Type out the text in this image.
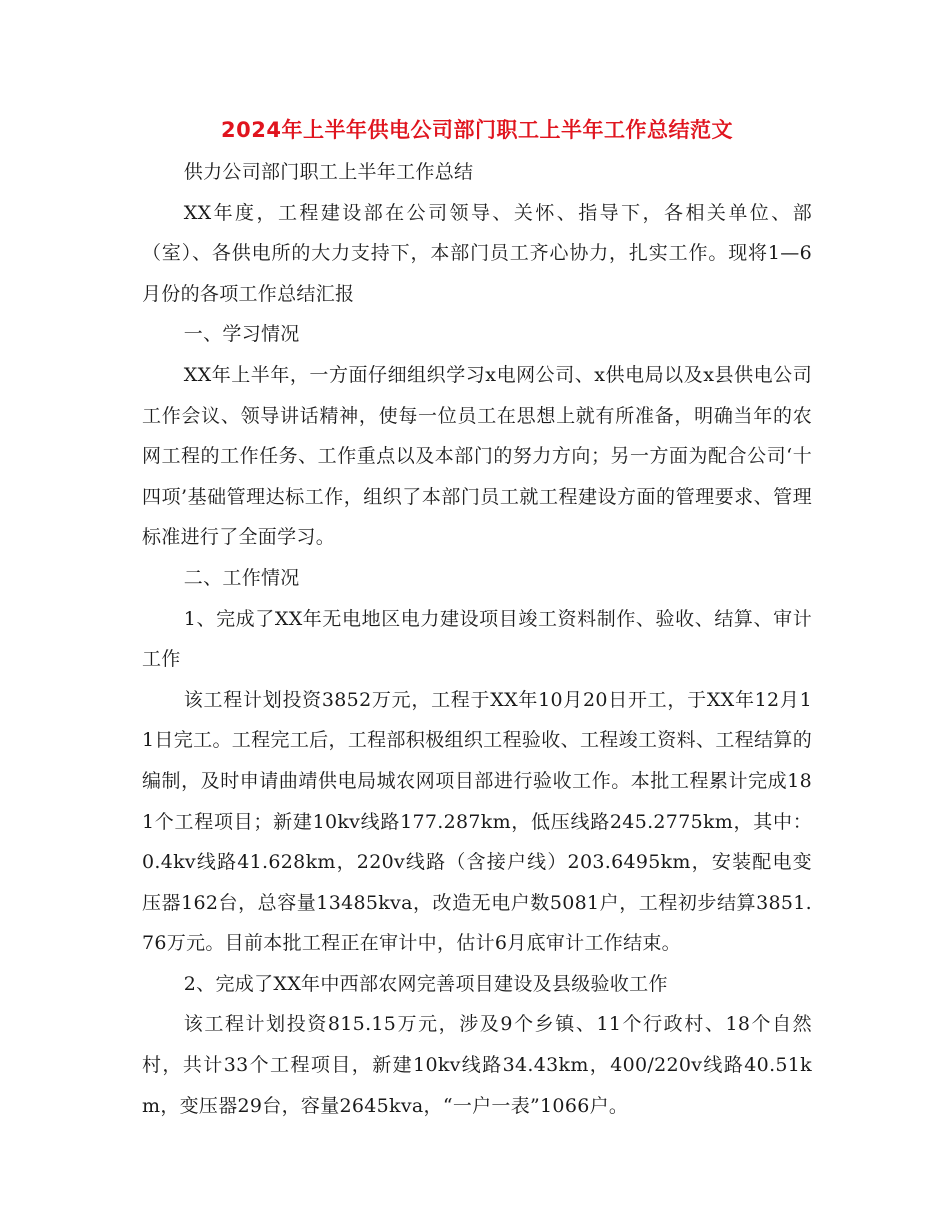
2024年上半年供电公司部门职工上半年工作总结范文

供力公司部门职工上半年工作总结

XX年度，工程建设部在公司领导、关怀、指导下，各相关单位、部（室）、各供电所的大力支持下，本部门员工齐心协力，扎实工作。现将1—6月份的各项工作总结汇报

一、学习情况

XX年上半年，一方面仔细组织学习x电网公司、x供电局以及x县供电公司工作会议、领导讲话精神，使每一位员工在思想上就有所准备，明确当年的农网工程的工作任务、工作重点以及本部门的努力方向；另一方面为配合公司‘十四项’基础管理达标工作，组织了本部门员工就工程建设方面的管理要求、管理标准进行了全面学习。

二、工作情况

1、完成了XX年无电地区电力建设项目竣工资料制作、验收、结算、审计工作

该工程计划投资3852万元，工程于XX年10月20日开工，于XX年12月11日完工。工程完工后，工程部积极组织工程验收、工程竣工资料、工程结算的编制，及时申请曲靖供电局城农网项目部进行验收工作。本批工程累计完成181个工程项目；新建10kv线路177.287km，低压线路245.2775km，其中：0.4kv线路41.628km，220v线路（含接户线）203.6495km，安装配电变压器162台，总容量13485kva，改造无电户数5081户，工程初步结算3851.76万元。目前本批工程正在审计中，估计6月底审计工作结束。

2、完成了XX年中西部农网完善项目建设及县级验收工作

该工程计划投资815.15万元，涉及9个乡镇、11个行政村、18个自然村，共计33个工程项目，新建10kv线路34.43km，400/220v线路40.51km，变压器29台，容量2645kva，“一户一表”1066户。
